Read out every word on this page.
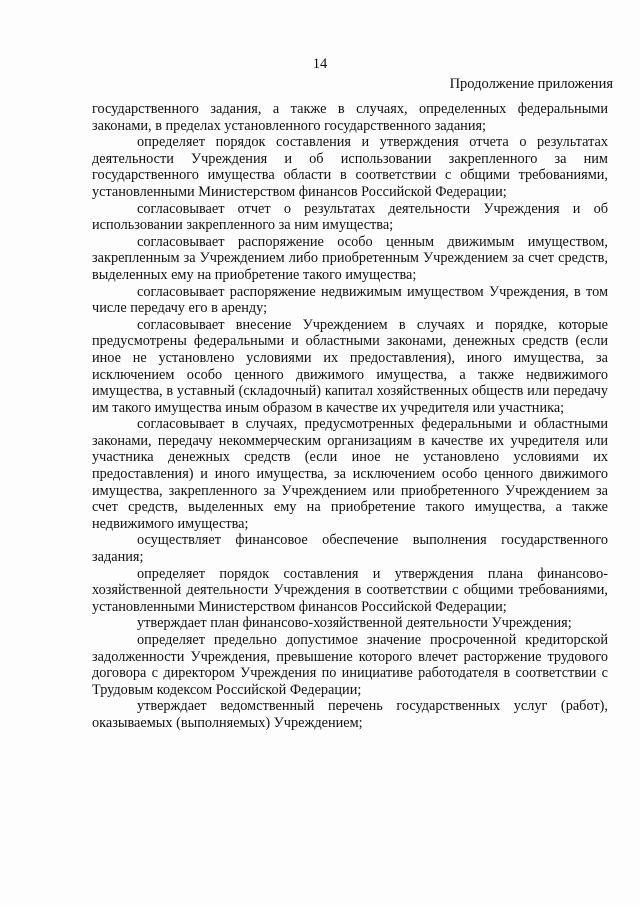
14
Продолжение приложения

государственного задания, а также в случаях, определенных федеральными законами, в пределах установленного государственного задания;

определяет порядок составления и утверждения отчета о результатах деятельности Учреждения и об использовании закрепленного за ним государственного имущества области в соответствии с общими требованиями, установленными Министерством финансов Российской Федерации;

согласовывает отчет о результатах деятельности Учреждения и об использовании закрепленного за ним имущества;

согласовывает распоряжение особо ценным движимым имуществом, закрепленным за Учреждением либо приобретенным Учреждением за счет средств, выделенных ему на приобретение такого имущества;

согласовывает распоряжение недвижимым имуществом Учреждения, в том числе передачу его в аренду;

согласовывает внесение Учреждением в случаях и порядке, которые предусмотрены федеральными и областными законами, денежных средств (если иное не установлено условиями их предоставления), иного имущества, за исключением особо ценного движимого имущества, а также недвижимого имущества, в уставный (складочный) капитал хозяйственных обществ или передачу им такого имущества иным образом в качестве их учредителя или участника;

согласовывает в случаях, предусмотренных федеральными и областными законами, передачу некоммерческим организациям в качестве их учредителя или участника денежных средств (если иное не установлено условиями их предоставления) и иного имущества, за исключением особо ценного движимого имущества, закрепленного за Учреждением или приобретенного Учреждением за счет средств, выделенных ему на приобретение такого имущества, а также недвижимого имущества;

осуществляет финансовое обеспечение выполнения государственного задания;

определяет порядок составления и утверждения плана финансово-хозяйственной деятельности Учреждения в соответствии с общими требованиями, установленными Министерством финансов Российской Федерации;

утверждает план финансово-хозяйственной деятельности Учреждения;

определяет предельно допустимое значение просроченной кредиторской задолженности Учреждения, превышение которого влечет расторжение трудового договора с директором Учреждения по инициативе работодателя в соответствии с Трудовым кодексом Российской Федерации;

утверждает ведомственный перечень государственных услуг (работ), оказываемых (выполняемых) Учреждением;
